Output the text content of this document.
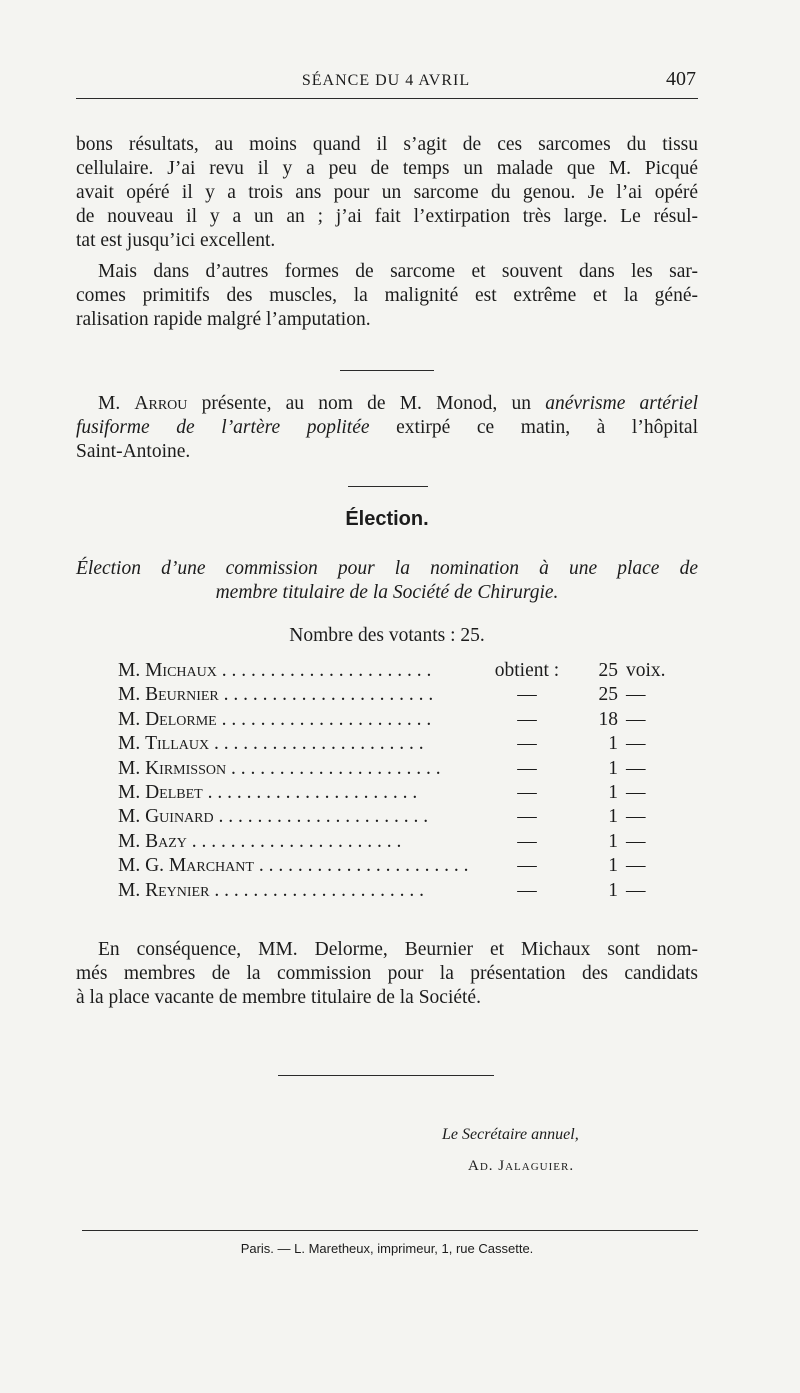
SÉANCE DU 4 AVRIL	407
bons résultats, au moins quand il s’agit de ces sarcomes du tissu
cellulaire. J’ai revu il y a peu de temps un malade que M. Picqué
avait opéré il y a trois ans pour un sarcome du genou. Je l’ai opéré
de nouveau il y a un an ; j’ai fait l’extirpation très large. Le résul-
tat est jusqu’ici excellent.
Mais dans d’autres formes de sarcome et souvent dans les sar-
comes primitifs des muscles, la malignité est extrême et la géné-
ralisation rapide malgré l’amputation.
M. Arrou présente, au nom de M. Monod, un anévrisme artériel
fusiforme de l’artère poplitée extirpé ce matin, à l’hôpital
Saint-Antoine.
Élection.
Élection d’une commission pour la nomination à une place de
membre titulaire de la Société de Chirurgie.
Nombre des votants : 25.
M. Michaux . . . . . . . . . . . . . . . . . . . . . .	obtient :	25	voix.
M. Beurnier . . . . . . . . . . . . . . . . . . . . . .	—	25	—
M. Delorme . . . . . . . . . . . . . . . . . . . . . .	—	18	—
M. Tillaux . . . . . . . . . . . . . . . . . . . . . .	—	1	—
M. Kirmisson . . . . . . . . . . . . . . . . . . . . . .	—	1	—
M. Delbet . . . . . . . . . . . . . . . . . . . . . .	—	1	—
M. Guinard . . . . . . . . . . . . . . . . . . . . . .	—	1	—
M. Bazy . . . . . . . . . . . . . . . . . . . . . .	—	1	—
M. G. Marchant . . . . . . . . . . . . . . . . . . . . . .	—	1	—
M. Reynier . . . . . . . . . . . . . . . . . . . . . .	—	1	—
En conséquence, MM. Delorme, Beurnier et Michaux sont nom-
més membres de la commission pour la présentation des candidats
à la place vacante de membre titulaire de la Société.
Le Secrétaire annuel,
Ad. Jalaguier.
Paris. — L. Maretheux, imprimeur, 1, rue Cassette.
